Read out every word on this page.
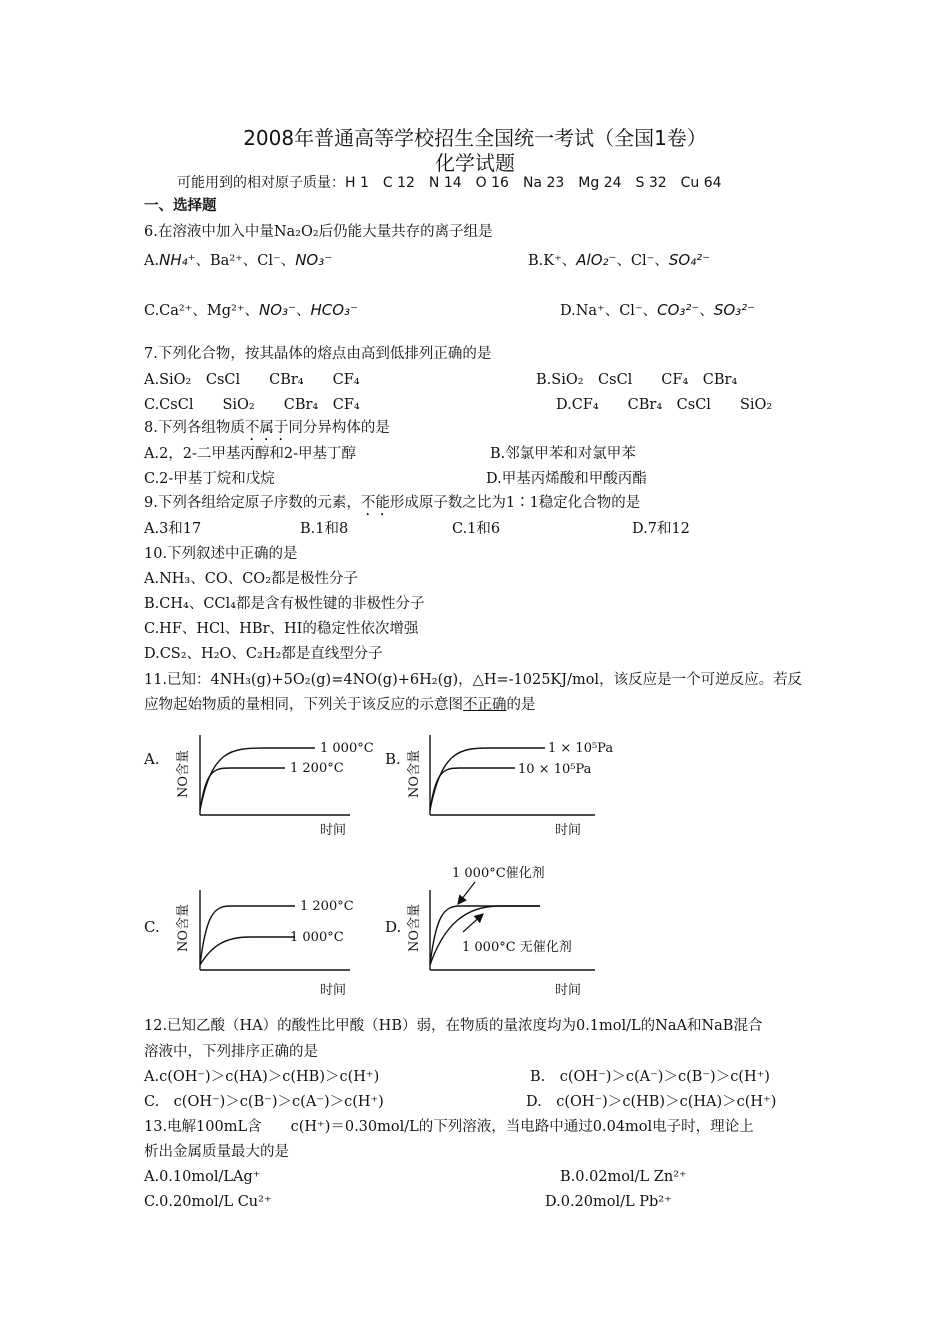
2008年普通高等学校招生全国统一考试（全国1卷）
化学试题
可能用到的相对原子质量：H 1　C 12　N 14　O 16　Na 23　Mg 24　S 32　Cu 64
一、选择题
6.在溶液中加入中量Na₂O₂后仍能大量共存的离子组是
A.NH₄⁺、Ba²⁺、Cl⁻、NO₃⁻	B.K⁺、AlO₂⁻、Cl⁻、SO₄²⁻
C.Ca²⁺、Mg²⁺、NO₃⁻、HCO₃⁻	D.Na⁺、Cl⁻、CO₃²⁻、SO₃²⁻
7.下列化合物，按其晶体的熔点由高到低排列正确的是
A.SiO₂　CsCl　　CBr₄　　CF₄	B.SiO₂　CsCl　　CF₄　CBr₄
C.CsCl　　SiO₂　　CBr₄　CF₄	D.CF₄　　CBr₄　CsCl　　SiO₂
8.下列各组物质不属于同分异构体的是
A.2，2-二甲基丙醇和2-甲基丁醇	B.邻氯甲苯和对氯甲苯
C.2-甲基丁烷和戊烷	D.甲基丙烯酸和甲酸丙酯
9.下列各组给定原子序数的元素，不能形成原子数之比为1∶1稳定化合物的是
A.3和17	B.1和8	C.1和6	D.7和12
10.下列叙述中正确的是
A.NH₃、CO、CO₂都是极性分子
B.CH₄、CCl₄都是含有极性键的非极性分子
C.HF、HCl、HBr、HI的稳定性依次增强
D.CS₂、H₂O、C₂H₂都是直线型分子
11.已知：4NH₃(g)+5O₂(g)=4NO(g)+6H₂(g)，△H=-1025KJ/mol，该反应是一个可逆反应。若反
应物起始物质的量相同，下列关于该反应的示意图不正确的是
A. NO含量
1 000°C
1 200°C
时间
B. NO含量
1 × 10⁵Pa
10 × 10⁵Pa
时间
C. NO含量	1 200°C
1 000°C
时间
D. NO含量
1 000°C催化剂
1 000°C 无催化剂
时间
12.已知乙酸（HA）的酸性比甲酸（HB）弱，在物质的量浓度均为0.1mol/L的NaA和NaB混合
溶液中，下列排序正确的是
A.c(OH⁻)＞c(HA)＞c(HB)＞c(H⁺)	B.　c(OH⁻)＞c(A⁻)＞c(B⁻)＞c(H⁺)
C.　c(OH⁻)＞c(B⁻)＞c(A⁻)＞c(H⁺)	D.　c(OH⁻)＞c(HB)＞c(HA)＞c(H⁺)
13.电解100mL含　　c(H⁺)＝0.30mol/L的下列溶液，当电路中通过0.04mol电子时，理论上
析出金属质量最大的是
A.0.10mol/LAg⁺	B.0.02mol/L Zn²⁺
C.0.20mol/L Cu²⁺	D.0.20mol/L Pb²⁺
